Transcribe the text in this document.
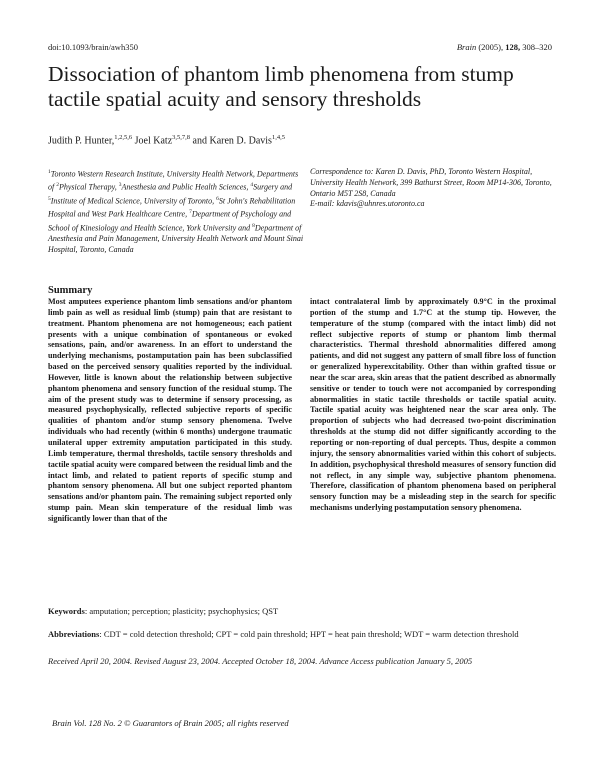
doi:10.1093/brain/awh350	Brain (2005), 128, 308–320
Dissociation of phantom limb phenomena from stump tactile spatial acuity and sensory thresholds
Judith P. Hunter,$^{1,2,5,6}$ Joel Katz$^{3,5,7,8}$ and Karen D. Davis$^{1,4,5}$
$^1$Toronto Western Research Institute, University Health Network, Departments of $^2$Physical Therapy, $^3$Anesthesia and Public Health Sciences, $^4$Surgery and $^5$Institute of Medical Science, University of Toronto, $^6$St John's Rehabilitation Hospital and West Park Healthcare Centre, $^7$Department of Psychology and School of Kinesiology and Health Science, York University and $^8$Department of Anesthesia and Pain Management, University Health Network and Mount Sinai Hospital, Toronto, Canada
Correspondence to: Karen D. Davis, PhD, Toronto Western Hospital, University Health Network, 399 Bathurst Street, Room MP14-306, Toronto, Ontario M5T 2S8, Canada
E-mail: kdavis@uhnres.utoronto.ca
Summary
Most amputees experience phantom limb sensations and/or phantom limb pain as well as residual limb (stump) pain that are resistant to treatment. Phantom phenomena are not homogeneous; each patient presents with a unique combination of spontaneous or evoked sensations, pain, and/or awareness. In an effort to understand the underlying mechanisms, postamputation pain has been subclassified based on the perceived sensory qualities reported by the individual. However, little is known about the relationship between subjective phantom phenomena and sensory function of the residual stump. The aim of the present study was to determine if sensory processing, as measured psychophysically, reflected subjective reports of specific qualities of phantom and/or stump sensory phenomena. Twelve individuals who had recently (within 6 months) undergone traumatic unilateral upper extremity amputation participated in this study. Limb temperature, thermal thresholds, tactile sensory thresholds and tactile spatial acuity were compared between the residual limb and the intact limb, and related to patient reports of specific stump and phantom sensory phenomena. All but one subject reported phantom sensations and/or phantom pain. The remaining subject reported only stump pain. Mean skin temperature of the residual limb was significantly lower than that of the
intact contralateral limb by approximately 0.9°C in the proximal portion of the stump and 1.7°C at the stump tip. However, the temperature of the stump (compared with the intact limb) did not reflect subjective reports of stump or phantom limb thermal characteristics. Thermal threshold abnormalities differed among patients, and did not suggest any pattern of small fibre loss of function or generalized hyperexcitability. Other than within grafted tissue or near the scar area, skin areas that the patient described as abnormally sensitive or tender to touch were not accompanied by corresponding abnormalities in static tactile thresholds or tactile spatial acuity. Tactile spatial acuity was heightened near the scar area only. The proportion of subjects who had decreased two-point discrimination thresholds at the stump did not differ significantly according to the reporting or non-reporting of dual percepts. Thus, despite a common injury, the sensory abnormalities varied within this cohort of subjects. In addition, psychophysical threshold measures of sensory function did not reflect, in any simple way, subjective phantom phenomena. Therefore, classification of phantom phenomena based on peripheral sensory function may be a misleading step in the search for specific mechanisms underlying postamputation sensory phenomena.
Keywords: amputation; perception; plasticity; psychophysics; QST
Abbreviations: CDT = cold detection threshold; CPT = cold pain threshold; HPT = heat pain threshold; WDT = warm detection threshold
Received April 20, 2004. Revised August 23, 2004. Accepted October 18, 2004. Advance Access publication January 5, 2005
Brain Vol. 128 No. 2 © Guarantors of Brain 2005; all rights reserved
